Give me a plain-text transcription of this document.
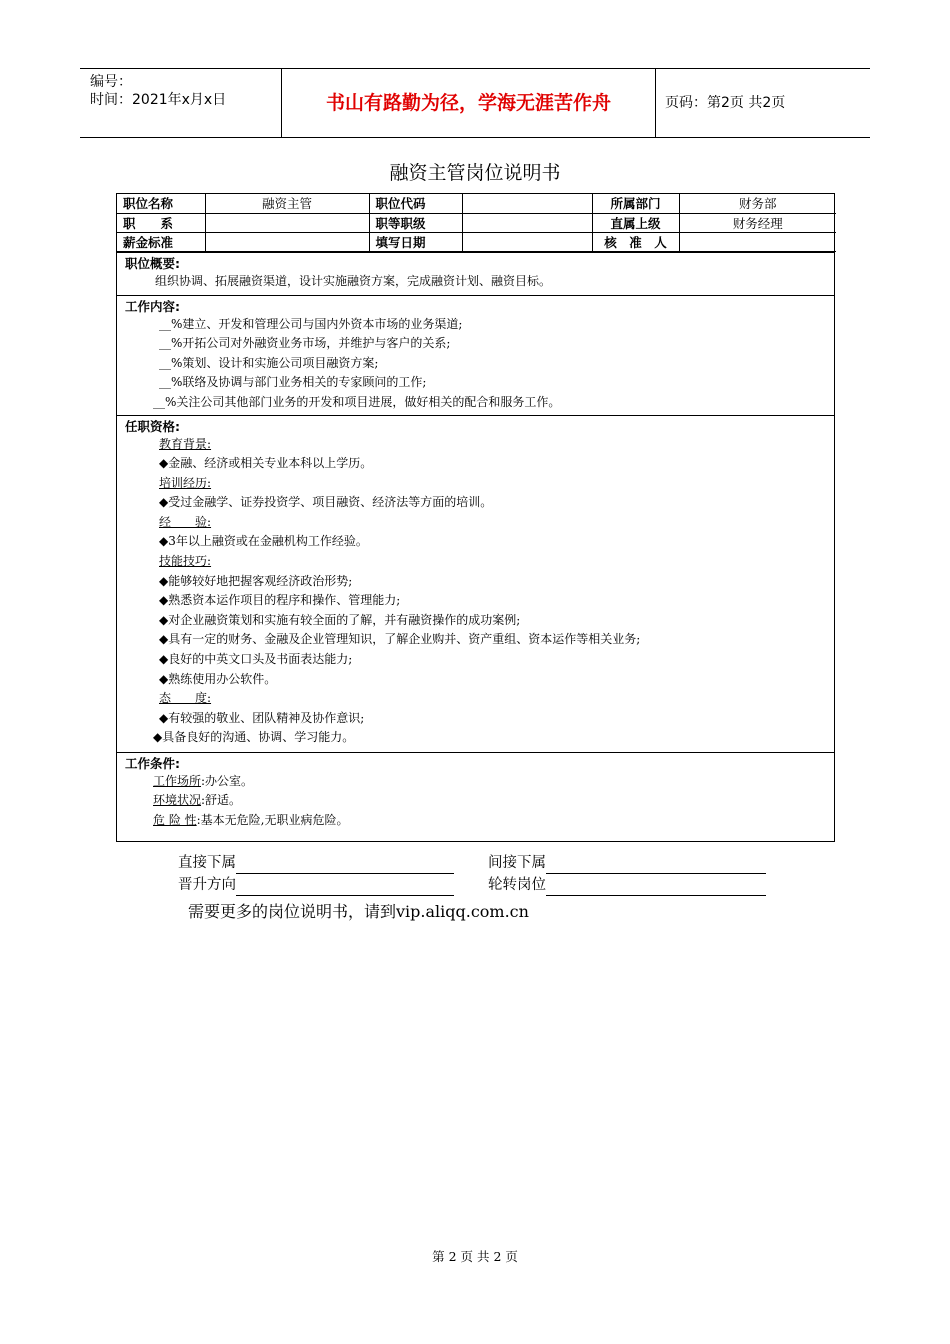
编号：
时间：2021年x月x日	书山有路勤为径，学海无涯苦作舟	页码：第2页 共2页
融资主管岗位说明书
职位名称	融资主管	职位代码		所属部门	财务部
职　　系		职等职级		直属上级	财务经理
薪金标准		填写日期		核　准　人	
职位概要:
组织协调、拓展融资渠道，设计实施融资方案，完成融资计划、融资目标。
工作内容:
__%建立、开发和管理公司与国内外资本市场的业务渠道;
__%开拓公司对外融资业务市场，并维护与客户的关系;
__%策划、设计和实施公司项目融资方案;
__%联络及协调与部门业务相关的专家顾问的工作;
__%关注公司其他部门业务的开发和项目进展，做好相关的配合和服务工作。
任职资格:
教育背景:
◆金融、经济或相关专业本科以上学历。
培训经历:
◆受过金融学、证券投资学、项目融资、经济法等方面的培训。
经　　验:
◆3年以上融资或在金融机构工作经验。
技能技巧:
◆能够较好地把握客观经济政治形势;
◆熟悉资本运作项目的程序和操作、管理能力;
◆对企业融资策划和实施有较全面的了解，并有融资操作的成功案例;
◆具有一定的财务、金融及企业管理知识，了解企业购并、资产重组、资本运作等相关业务;
◆良好的中英文口头及书面表达能力;
◆熟练使用办公软件。
态　　度:
◆有较强的敬业、团队精神及协作意识;
◆具备良好的沟通、协调、学习能力。
工作条件:
工作场所:办公室。
环境状况:舒适。
危 险 性:基本无危险,无职业病危险。
直接下属	间接下属
晋升方向	轮转岗位
需要更多的岗位说明书，请到vip.aliqq.com.cn
第 2 页 共 2 页
